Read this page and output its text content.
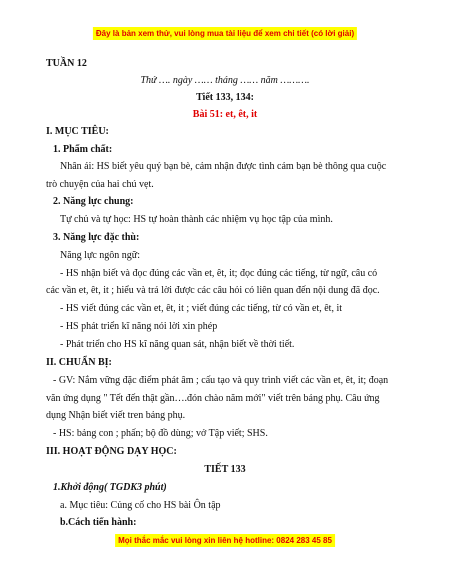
Đây là bản xem thử, vui lòng mua tài liệu để xem chi tiết (có lời giải)
TUẦN 12
Thứ …. ngày …… tháng …… năm ……….
Tiết 133, 134:
Bài 51: et, êt, it
I. MỤC TIÊU:
1. Phẩm chất:
Nhân ái: HS biết yêu quý bạn bè, cảm nhận được tình cảm bạn bè thông qua cuộc
trò chuyện của hai chú vẹt.
2. Năng lực chung:
Tự chủ và tự học: HS tự hoàn thành các nhiệm vụ học tập của mình.
3. Năng lực đặc thù:
Năng lực ngôn ngữ:
- HS nhận biết và đọc đúng các vần et, êt, it; đọc đúng các tiếng, từ ngữ, câu có
các vần et, êt, it ; hiểu và trả lời được các câu hỏi có liên quan đến nội dung đã đọc.
- HS viết đúng các vần et, êt, it ; viết đúng các tiếng, từ có vần et, êt, it
- HS phát triển kĩ năng nói lời xin phép
- Phát triển cho HS kĩ năng quan sát, nhận biết về thời tiết.
II. CHUẨN BỊ:
- GV: Nắm vững đặc điểm phát âm ; cấu tạo và quy trình viết các vần et, êt, it; đoạn
văn ứng dụng " Tết đến thật gần….đón chào năm mới" viết trên bảng phụ. Câu ứng
dụng Nhận biết viết tren bảng phụ.
- HS: bảng con ; phấn; bộ đồ dùng; vở Tập viết; SHS.
III. HOẠT ĐỘNG DẠY HỌC:
TIẾT 133
1.Khởi động( TGDK3 phút)
a. Mục tiêu: Củng cố cho HS bài Ôn tập
b.Cách tiến hành:
Mọi thắc mắc vui lòng xin liên hệ hotline: 0824 283 45 85
